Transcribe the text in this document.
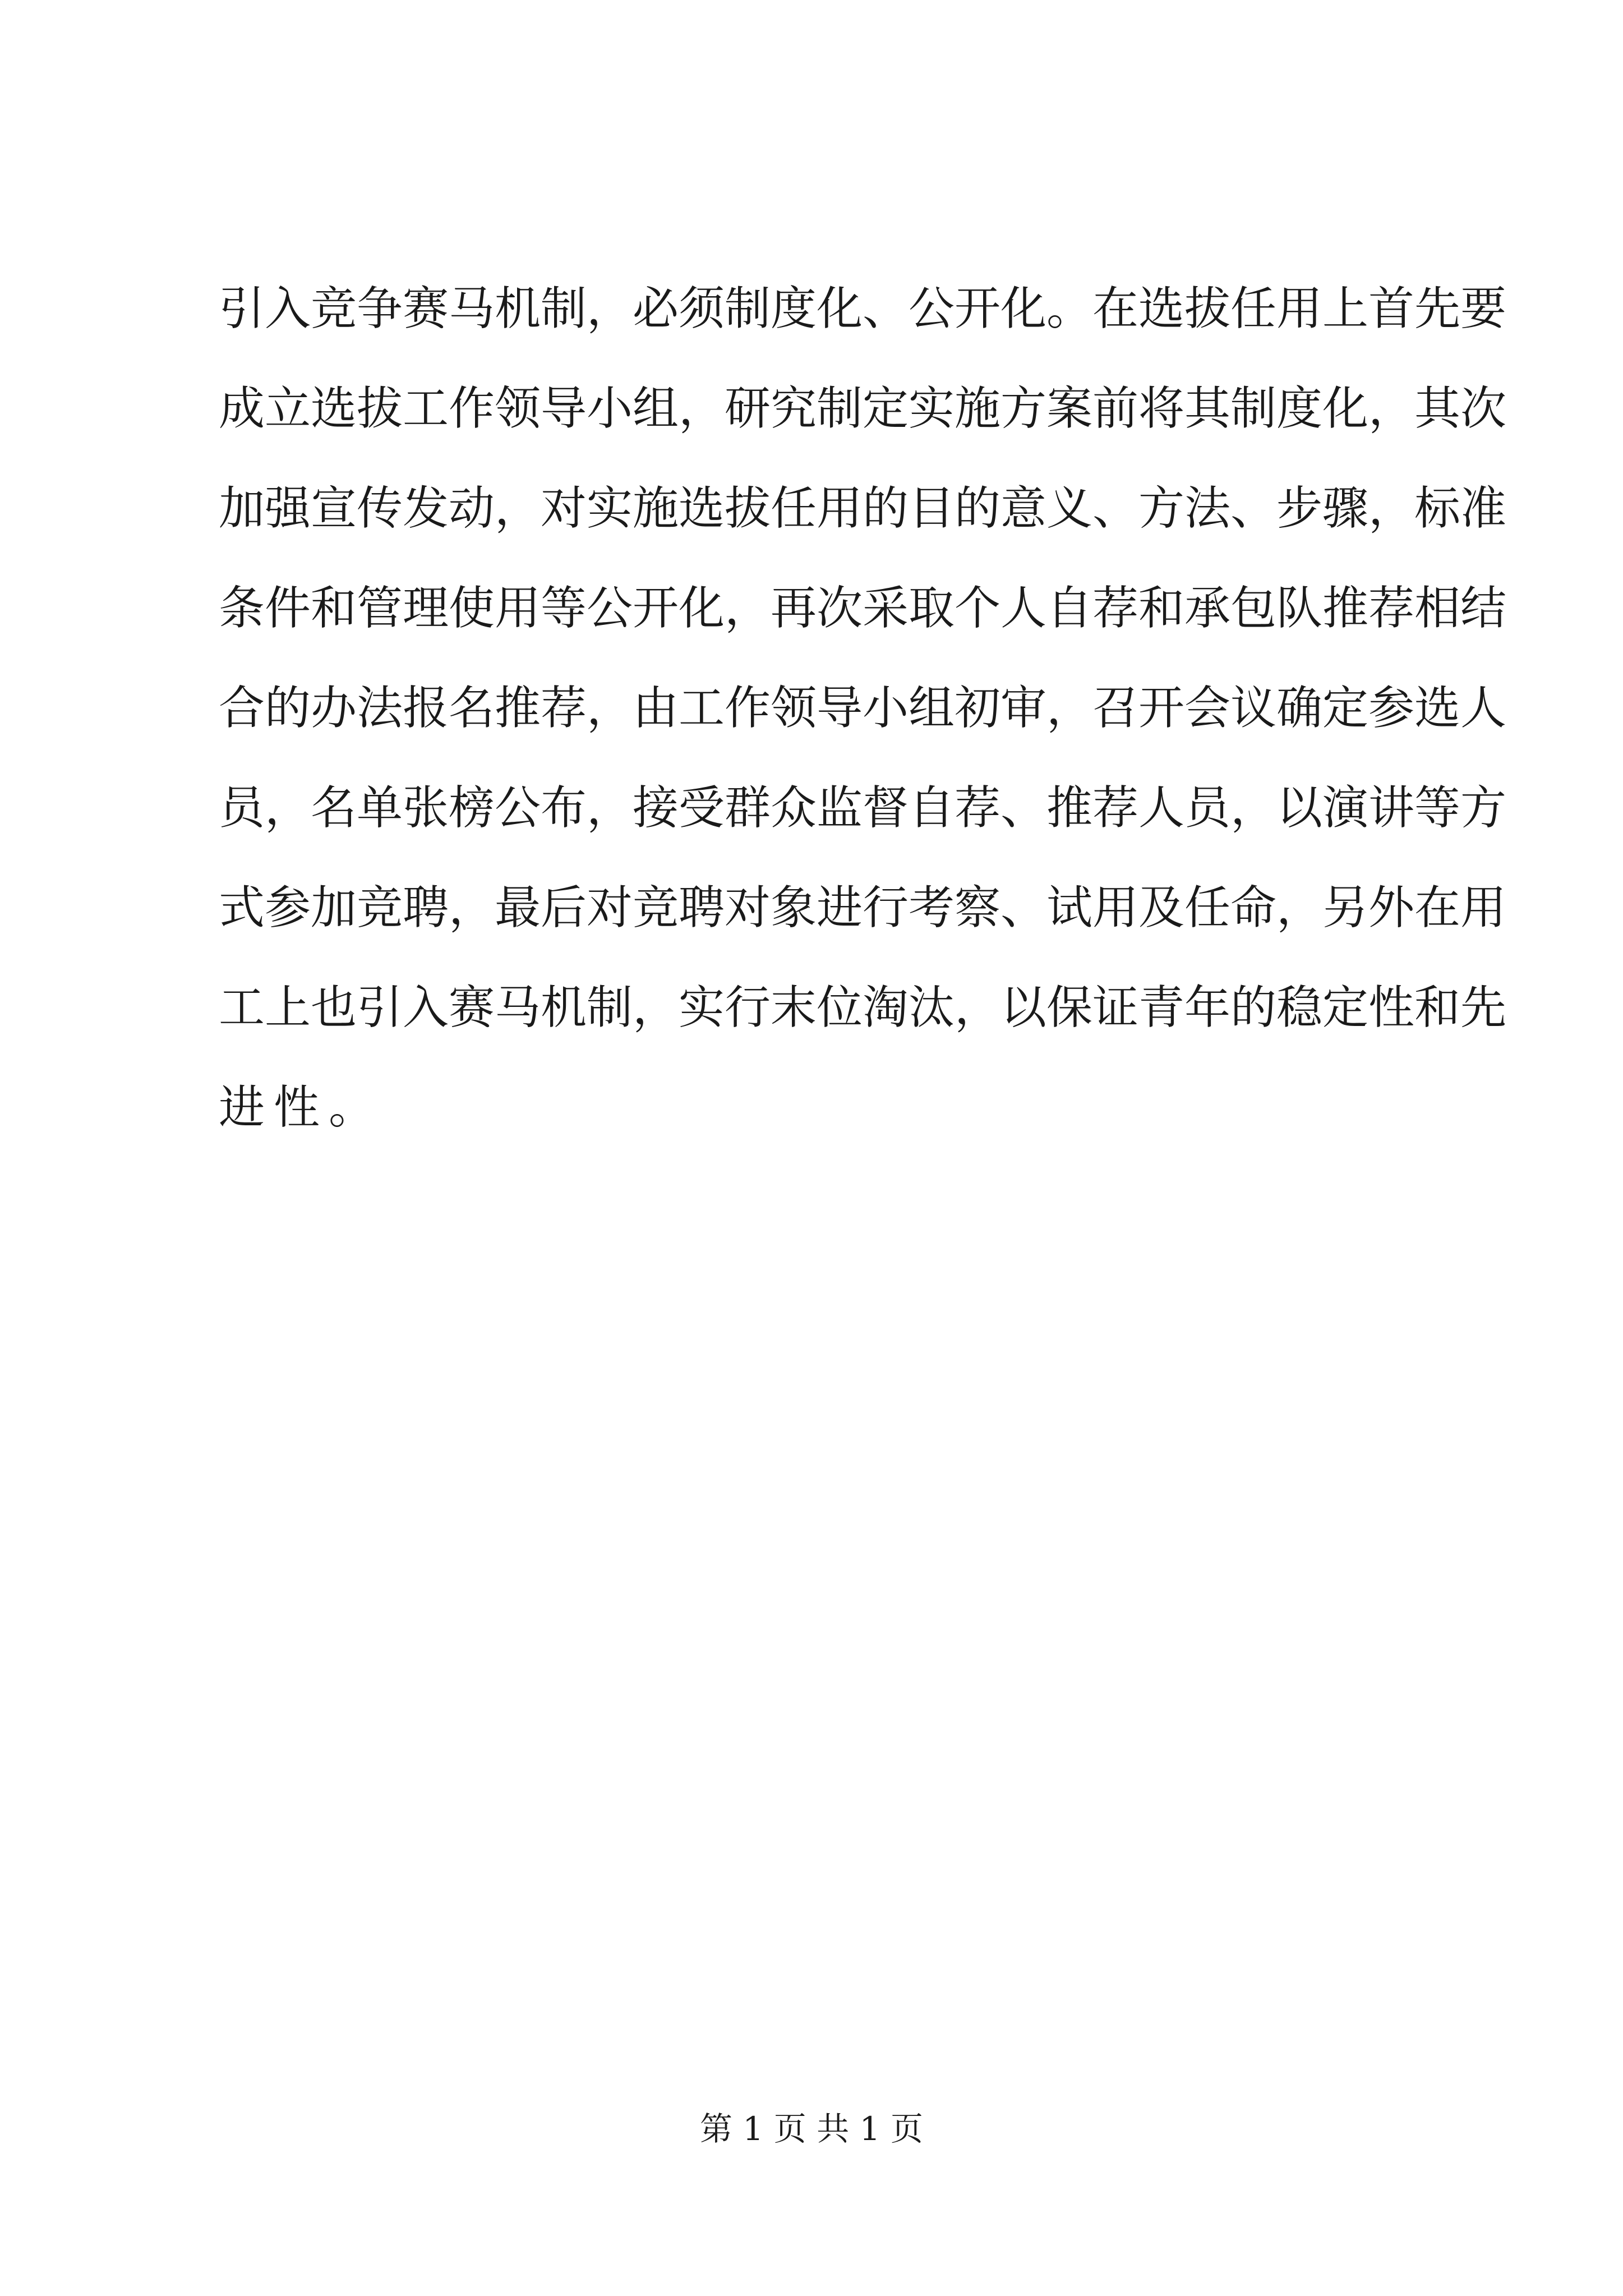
引入竞争赛马机制，必须制度化、公开化。在选拔任用上首先要
成立选拔工作领导小组，研究制定实施方案前将其制度化，其次
加强宣传发动，对实施选拔任用的目的意义、方法、步骤，标准
条件和管理使用等公开化，再次采取个人自荐和承包队推荐相结
合的办法报名推荐，由工作领导小组初审，召开会议确定参选人
员，名单张榜公布，接受群众监督自荐、推荐人员，以演讲等方
式参加竞聘，最后对竞聘对象进行考察、试用及任命，另外在用
工上也引入赛马机制，实行末位淘汰，以保证青年的稳定性和先
进性。
第 1 页 共 1 页
